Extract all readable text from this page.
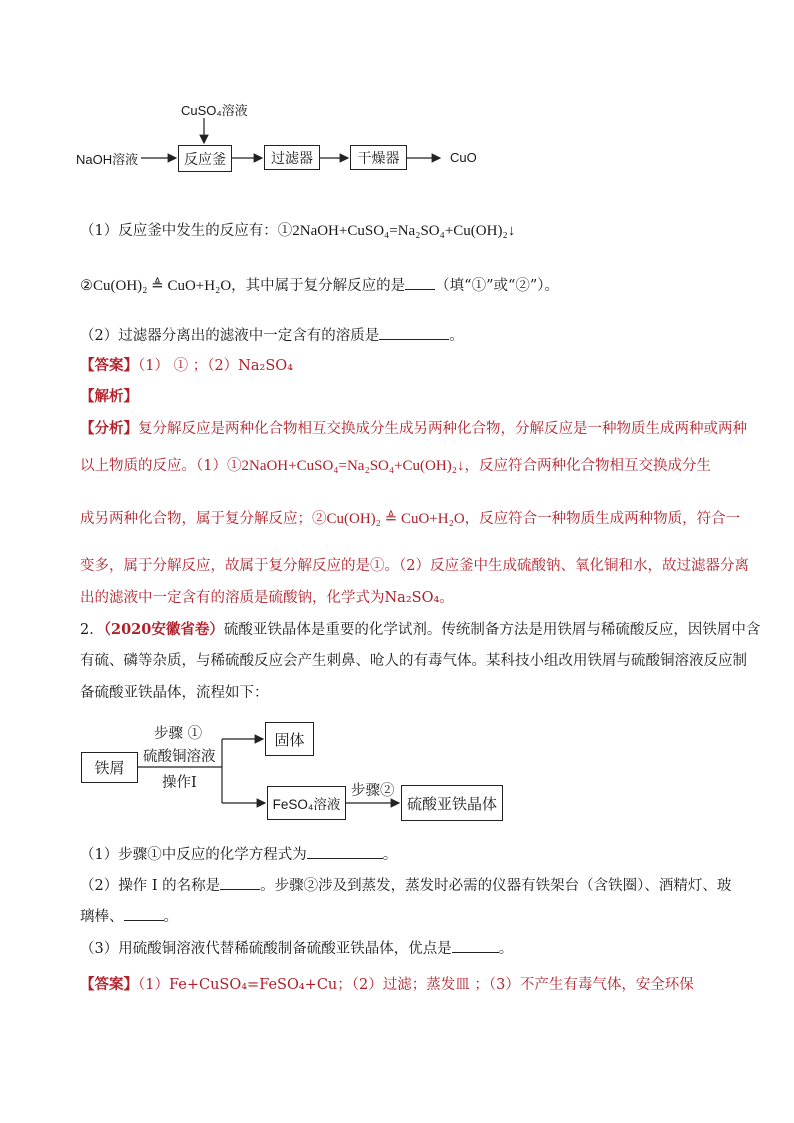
CuSO₄溶液
NaOH溶液	反应釜	过滤器	干燥器	CuO
（1）反应釜中发生的反应有：①2NaOH+CuSO₄=Na₂SO₄+Cu(OH)₂↓
②Cu(OH)₂ ≜ CuO+H₂O，其中属于复分解反应的是 （填“①”或“②”）。
（2）过滤器分离出的滤液中一定含有的溶质是	。
【答案】（1） ① ；（2）Na₂SO₄
【解析】
【分析】复分解反应是两种化合物相互交换成分生成另两种化合物，分解反应是一种物质生成两种或两种
以上物质的反应。（1）①2NaOH+CuSO₄=Na₂SO₄+Cu(OH)₂↓，反应符合两种化合物相互交换成分生
成另两种化合物，属于复分解反应；②Cu(OH)₂ ≜ CuO+H₂O，反应符合一种物质生成两种物质，符合一
变多，属于分解反应，故属于复分解反应的是①。（2）反应釜中生成硫酸钠、氧化铜和水，故过滤器分离
出的滤液中一定含有的溶质是硫酸钠，化学式为Na₂SO₄。
2．（2020安徽省卷）硫酸亚铁晶体是重要的化学试剂。传统制备方法是用铁屑与稀硫酸反应，因铁屑中含
有硫、磷等杂质，与稀硫酸反应会产生刺鼻、呛人的有毒气体。某科技小组改用铁屑与硫酸铜溶液反应制
备硫酸亚铁晶体，流程如下：
铁屑
步骤 ①
硫酸铜溶液
操作I
固体
FeSO₄溶液
步骤②
硫酸亚铁晶体
（1）步骤①中反应的化学方程式为	。
（2）操作 I 的名称是	。步骤②涉及到蒸发，蒸发时必需的仪器有铁架台（含铁圈）、酒精灯、玻
璃棒、	。
（3）用硫酸铜溶液代替稀硫酸制备硫酸亚铁晶体，优点是	。
【答案】（1）Fe+CuSO₄=FeSO₄+Cu；（2）过滤；蒸发皿 ；（3）不产生有毒气体，安全环保
